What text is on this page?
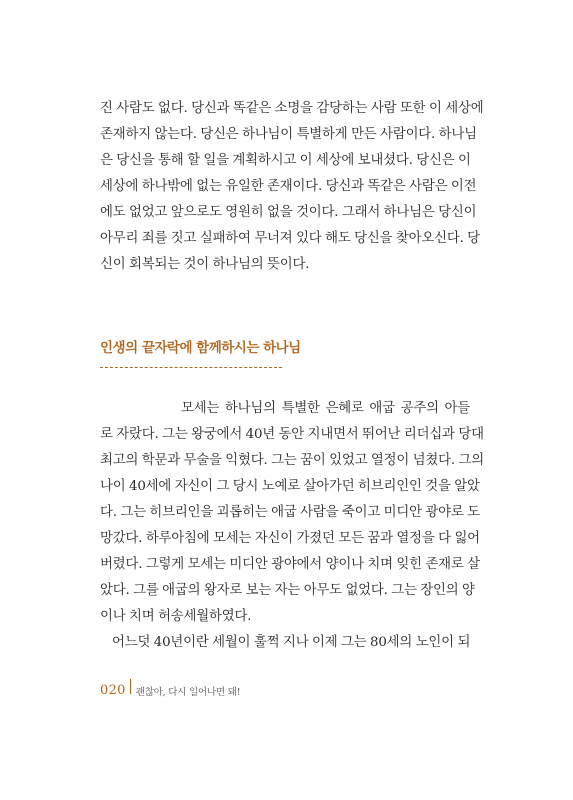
진 사람도 없다. 당신과 똑같은 소명을 감당하는 사람 또한 이 세상에
존재하지 않는다. 당신은 하나님이 특별하게 만든 사람이다. 하나님
은 당신을 통해 할 일을 계획하시고 이 세상에 보내셨다. 당신은 이
세상에 하나밖에 없는 유일한 존재이다. 당신과 똑같은 사람은 이전
에도 없었고 앞으로도 영원히 없을 것이다. 그래서 하나님은 당신이
아무리 죄를 짓고 실패하여 무너져 있다 해도 당신을 찾아오신다. 당
신이 회복되는 것이 하나님의 뜻이다.
인생의 끝자락에 함께하시는 하나님
모세는 하나님의 특별한 은혜로 애굽 공주의 아들
로 자랐다. 그는 왕궁에서 40년 동안 지내면서 뛰어난 리더십과 당대
최고의 학문과 무술을 익혔다. 그는 꿈이 있었고 열정이 넘쳤다. 그의
나이 40세에 자신이 그 당시 노예로 살아가던 히브리인인 것을 알았
다. 그는 히브리인을 괴롭히는 애굽 사람을 죽이고 미디안 광야로 도
망갔다. 하루아침에 모세는 자신이 가졌던 모든 꿈과 열정을 다 잃어
버렸다. 그렇게 모세는 미디안 광야에서 양이나 치며 잊힌 존재로 살
았다. 그를 애굽의 왕자로 보는 자는 아무도 없었다. 그는 장인의 양
이나 치며 허송세월하였다.
어느덧 40년이란 세월이 훌쩍 지나 이제 그는 80세의 노인이 되
020 괜찮아, 다시 일어나면 돼!
